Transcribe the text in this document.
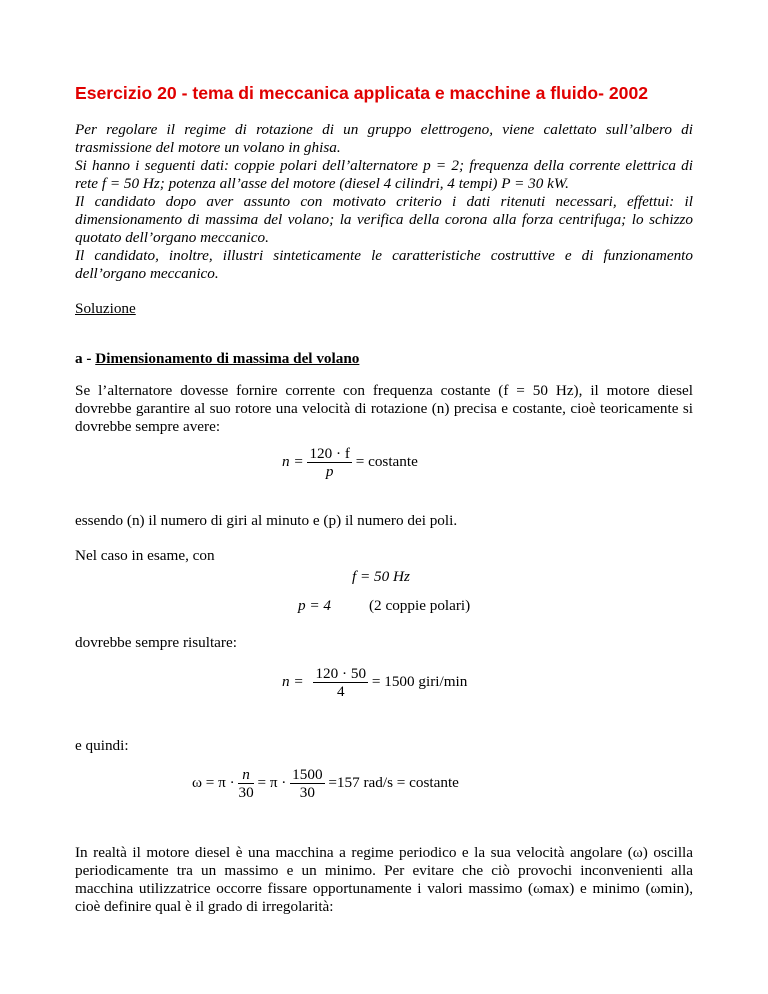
Esercizio 20 - tema di meccanica applicata e macchine a fluido- 2002
Per regolare il regime di rotazione di un gruppo elettrogeno, viene calettato sull’albero di
trasmissione del motore un volano in ghisa.
Si hanno i seguenti dati: coppie polari dell’alternatore p = 2; frequenza della corrente elettrica di
rete f = 50 Hz; potenza all’asse del motore (diesel 4 cilindri, 4 tempi) P = 30 kW.
Il candidato dopo aver assunto con motivato criterio i dati ritenuti necessari, effettui: il
dimensionamento di massima del volano; la verifica della corona alla forza centrifuga; lo schizzo
quotato dell’organo meccanico.
Il candidato, inoltre, illustri sinteticamente le caratteristiche costruttive e di funzionamento
dell’organo meccanico.
Soluzione
a - Dimensionamento di massima del volano
Se l’alternatore dovesse fornire corrente con frequenza costante (f = 50 Hz), il motore diesel
dovrebbe garantire al suo rotore una velocità di rotazione (n) precisa e costante, cioè teoricamente si
dovrebbe sempre avere:
$n = \frac{120 \cdot f}{p}$ = costante
essendo (n) il numero di giri al minuto e (p) il numero dei poli.
Nel caso in esame, con
f = 50 Hz
p = 4 (2 coppie polari)
dovrebbe sempre risultare:
$n = \frac{120 \cdot 50}{4} = 1500$ giri/min
e quindi:
$\omega = \pi \cdot \frac{n}{30} = \pi \cdot \frac{1500}{30} =157$ rad/s = costante
In realtà il motore diesel è una macchina a regime periodico e la sua velocità angolare (ω) oscilla
periodicamente tra un massimo e un minimo. Per evitare che ciò provochi inconvenienti alla
macchina utilizzatrice occorre fissare opportunamente i valori massimo (ωmax) e minimo (ωmin),
cioè definire qual è il grado di irregolarità:
